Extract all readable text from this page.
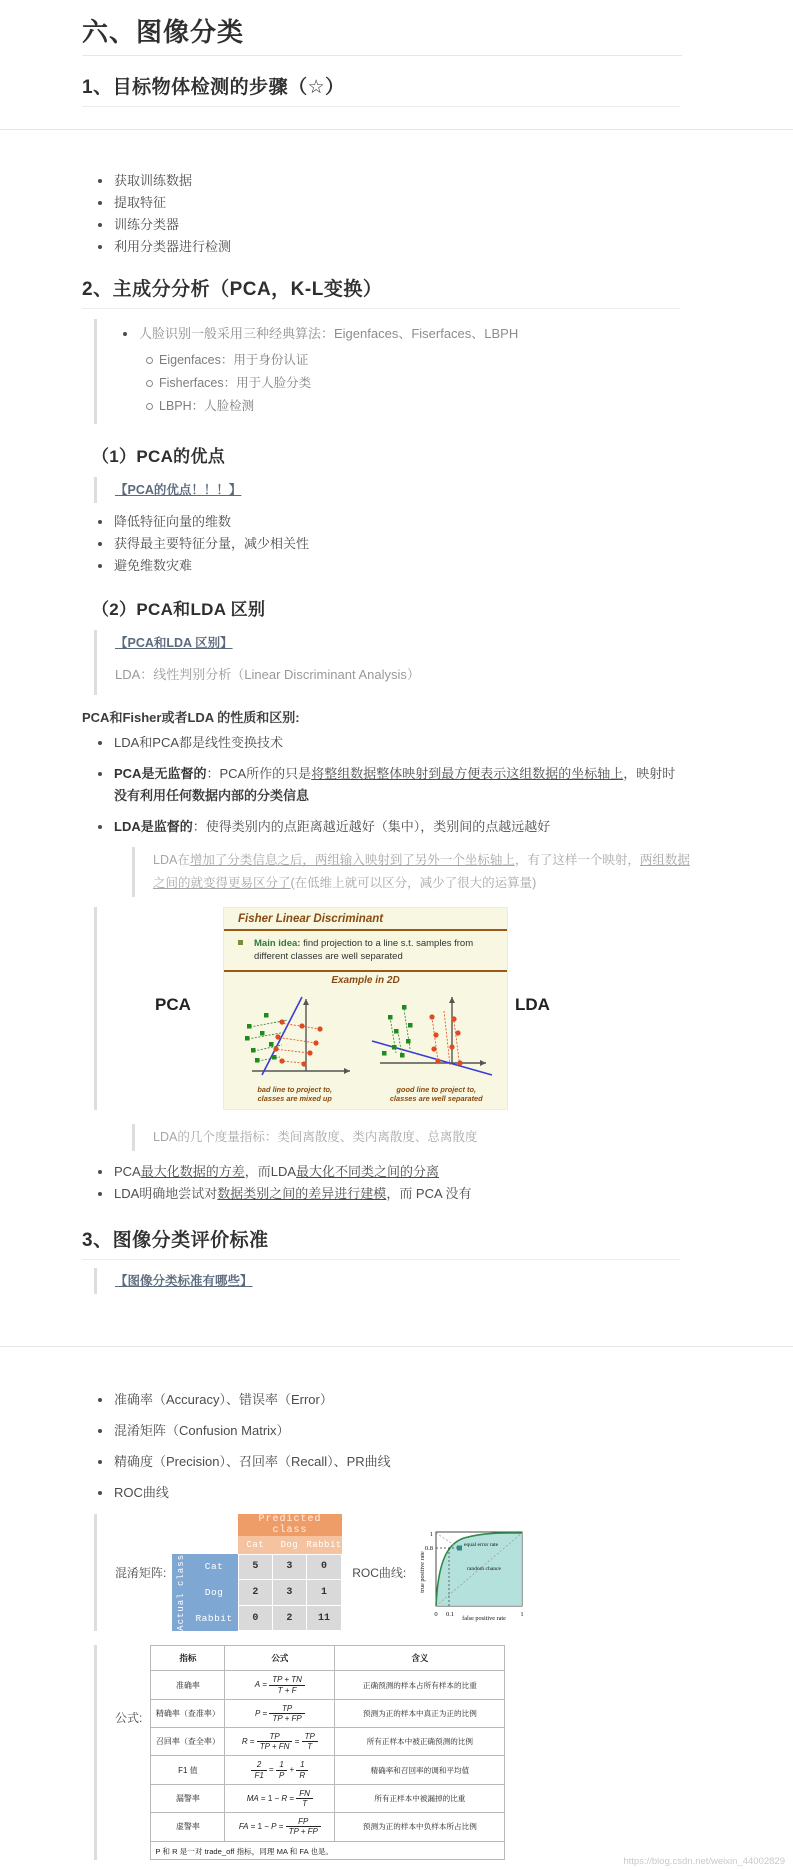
六、图像分类
1、目标物体检测的步骤（☆）
获取训练数据
提取特征
训练分类器
利用分类器进行检测
2、主成分分析（PCA，K-L变换）
人脸识别一般采用三种经典算法：Eigenfaces、Fiserfaces、LBPH
Eigenfaces：用于身份认证
Fisherfaces：用于人脸分类
LBPH：人脸检测
（1）PCA的优点
【PCA的优点！！！】
降低特征向量的维数
获得最主要特征分量，减少相关性
避免维数灾难
（2）PCA和LDA 区别
【PCA和LDA 区别】
LDA：线性判别分析（Linear Discriminant Analysis）
PCA和Fisher或者LDA 的性质和区别:
LDA和PCA都是线性变换技术
PCA是无监督的：PCA所作的只是将整组数据整体映射到最方便表示这组数据的坐标轴上，映射时
没有利用任何数据内部的分类信息
LDA是监督的：使得类别内的点距离越近越好（集中），类别间的点越远越好
LDA在增加了分类信息之后，两组输入映射到了另外一个坐标轴上，有了这样一个映射，两组数据之间的就变得更易区分了(在低维上就可以区分，减少了很大的运算量)
PCA	LDA
Fisher Linear Discriminant
Main idea: find projection to a line s.t. samples from different classes are well separated
Example in 2D
bad line to project to,
classes are mixed up
good line to project to,
classes are well separated
LDA的几个度量指标：类间离散度、类内离散度、总离散度
PCA最大化数据的方差，而LDA最大化不同类之间的分离
LDA明确地尝试对数据类别之间的差异进行建模，而 PCA 没有
3、图像分类评价标准
【图像分类标准有哪些】
准确率（Accuracy）、错误率（Error）
混淆矩阵（Confusion Matrix）
精确度（Precision）、召回率（Recall）、PR曲线
ROC曲线
混淆矩阵:
		Predicted class		
		Cat	Dog	Rabbit

Actual class	Cat	5	3	0
	Dog	2	3	1
	Rabbit	0	2	11
ROC曲线:
1
0.8
0 0.1	1
true positive rate
false positive rate
equal error rate
random chance
公式:
指标	公式	含义
准确率	$A = \frac{TP + TN}{T + F}$	正确预测的样本占所有样本的比重
精确率（查准率）	$P = \frac{TP}{TP + FP}$	预测为正的样本中真正为正的比例
召回率（查全率）	$R = \frac{TP}{TP + FN} = \frac{TP}{T}$	所有正样本中被正确预测的比例
F1 值	$\frac{2}{F1} = \frac{1}{P} + \frac{1}{R}$	精确率和召回率的调和平均值
漏警率	MA = $1 - R = \frac{FN}{T}$	所有正样本中被漏掉的比重
虚警率	FA = $1 - P = \frac{FP}{TP + FP}$	预测为正的样本中负样本所占比例
P 和 R 是一对 trade_off 指标，同理 MA 和 FA 也是。
https://blog.csdn.net/weixin_44002829
